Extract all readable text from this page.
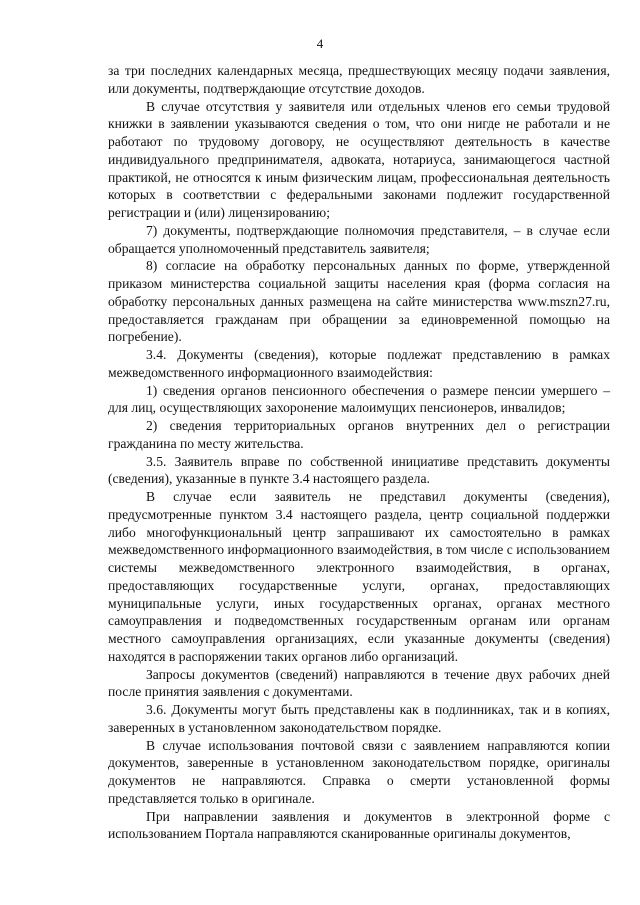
4

за три последних календарных месяца, предшествующих месяцу подачи заявления, или документы, подтверждающие отсутствие доходов.

В случае отсутствия у заявителя или отдельных членов его семьи трудовой книжки в заявлении указываются сведения о том, что они нигде не работали и не работают по трудовому договору, не осуществляют деятельность в качестве индивидуального предпринимателя, адвоката, нотариуса, занимающегося частной практикой, не относятся к иным физическим лицам, профессиональная деятельность которых в соответствии с федеральными законами подлежит государственной регистрации и (или) лицензированию;

7) документы, подтверждающие полномочия представителя, – в случае если обращается уполномоченный представитель заявителя;

8) согласие на обработку персональных данных по форме, утвержденной приказом министерства социальной защиты населения края (форма согласия на обработку персональных данных размещена на сайте министерства www.mszn27.ru, предоставляется гражданам при обращении за единовременной помощью на погребение).

3.4. Документы (сведения), которые подлежат представлению в рамках межведомственного информационного взаимодействия:

1) сведения органов пенсионного обеспечения о размере пенсии умершего – для лиц, осуществляющих захоронение малоимущих пенсионеров, инвалидов;

2) сведения территориальных органов внутренних дел о регистрации гражданина по месту жительства.

3.5. Заявитель вправе по собственной инициативе представить документы (сведения), указанные в пункте 3.4 настоящего раздела.

В случае если заявитель не представил документы (сведения), предусмотренные пунктом 3.4 настоящего раздела, центр социальной поддержки либо многофункциональный центр запрашивают их самостоятельно в рамках межведомственного информационного взаимодействия, в том числе с использованием системы межведомственного электронного взаимодействия, в органах, предоставляющих государственные услуги, органах, предоставляющих муниципальные услуги, иных государственных органах, органах местного самоуправления и подведомственных государственным органам или органам местного самоуправления организациях, если указанные документы (сведения) находятся в распоряжении таких органов либо организаций.

Запросы документов (сведений) направляются в течение двух рабочих дней после принятия заявления с документами.

3.6. Документы могут быть представлены как в подлинниках, так и в копиях, заверенных в установленном законодательством порядке.

В случае использования почтовой связи с заявлением направляются копии документов, заверенные в установленном законодательством порядке, оригиналы документов не направляются. Справка о смерти установленной формы представляется только в оригинале.

При направлении заявления и документов в электронной форме с использованием Портала направляются сканированные оригиналы документов,
